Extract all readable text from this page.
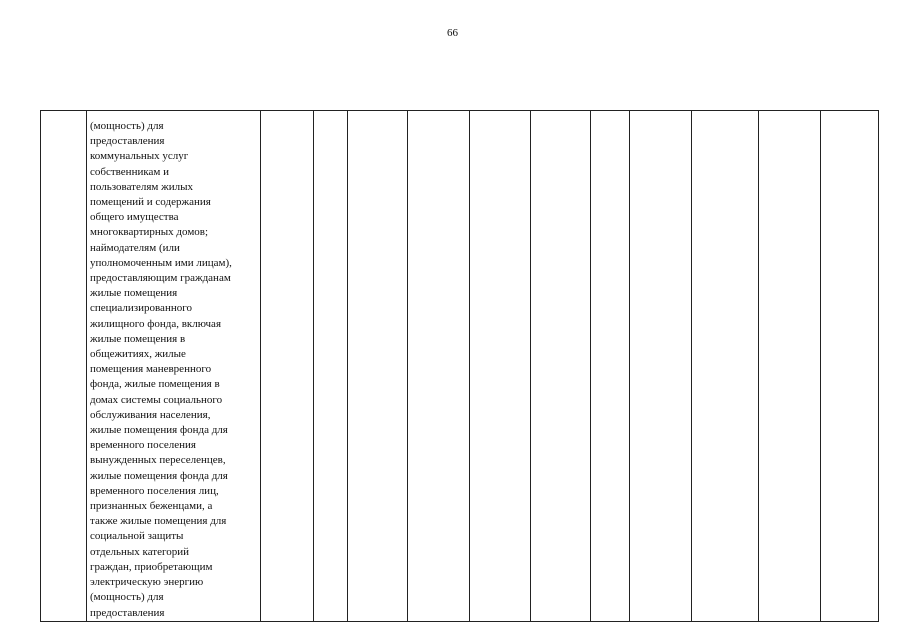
66

(мощность) для
предоставления
коммунальных услуг
собственникам и
пользователям жилых
помещений и содержания
общего имущества
многоквартирных домов;
наймодателям (или
уполномоченным ими лицам),
предоставляющим гражданам
жилые помещения
специализированного
жилищного фонда, включая
жилые помещения в
общежитиях, жилые
помещения маневренного
фонда, жилые помещения в
домах системы социального
обслуживания населения,
жилые помещения фонда для
временного поселения
вынужденных переселенцев,
жилые помещения фонда для
временного поселения лиц,
признанных беженцами, а
также жилые помещения для
социальной защиты
отдельных категорий
граждан, приобретающим
электрическую энергию
(мощность) для
предоставления
